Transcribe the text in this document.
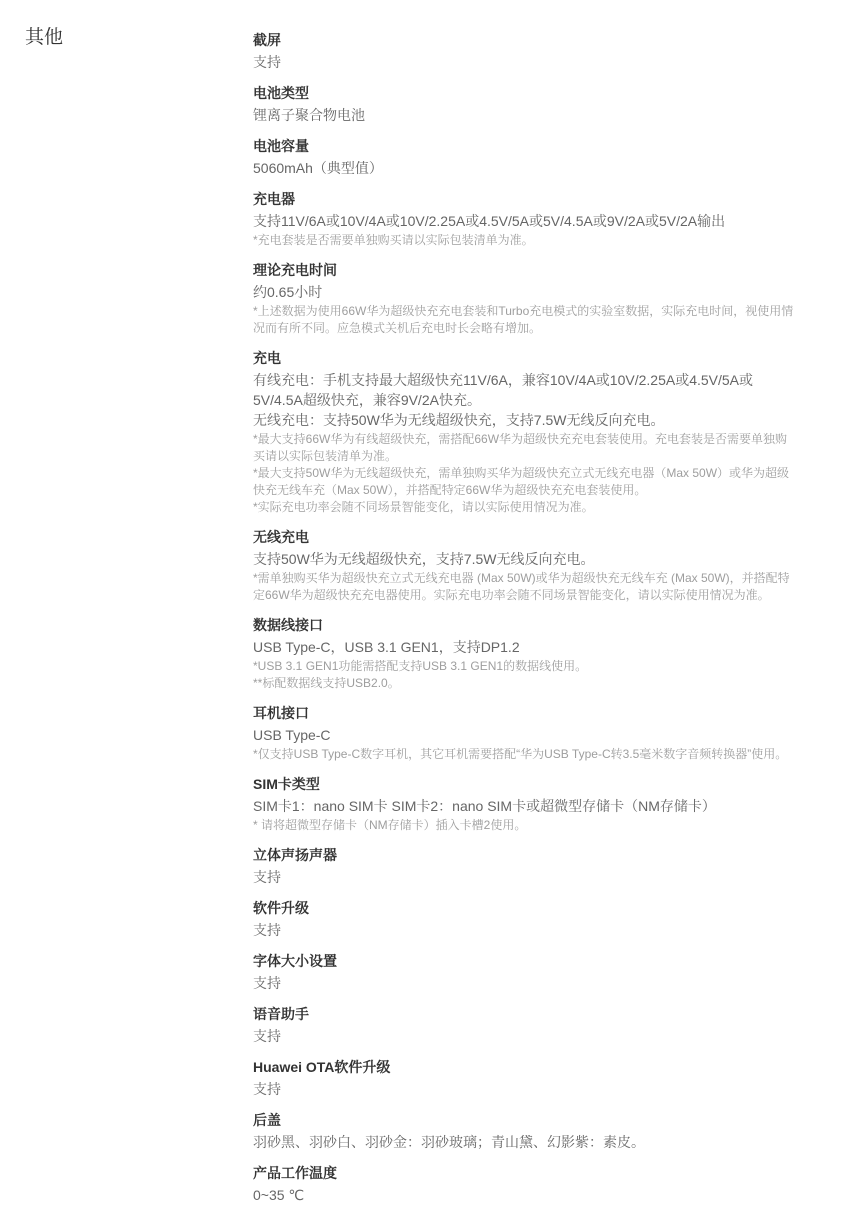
其他	截屏
支持
电池类型
锂离子聚合物电池
电池容量
5060mAh（典型值）
充电器
支持11V/6A或10V/4A或10V/2.25A或4.5V/5A或5V/4.5A或9V/2A或5V/2A输出
*充电套装是否需要单独购买请以实际包装清单为准。
理论充电时间
约0.65小时
*上述数据为使用66W华为超级快充充电套装和Turbo充电模式的实验室数据，实际充电时间，视使用情况而有所不同。应急模式关机后充电时长会略有增加。
充电
有线充电：手机支持最大超级快充11V/6A，兼容10V/4A或10V/2.25A或4.5V/5A或5V/4.5A超级快充，兼容9V/2A快充。
无线充电：支持50W华为无线超级快充，支持7.5W无线反向充电。
*最大支持66W华为有线超级快充，需搭配66W华为超级快充充电套装使用。充电套装是否需要单独购买请以实际包装清单为准。
*最大支持50W华为无线超级快充，需单独购买华为超级快充立式无线充电器（Max 50W）或华为超级快充无线车充（Max 50W），并搭配特定66W华为超级快充充电套装使用。
*实际充电功率会随不同场景智能变化，请以实际使用情况为准。
无线充电
支持50W华为无线超级快充，支持7.5W无线反向充电。
*需单独购买华为超级快充立式无线充电器 (Max 50W)或华为超级快充无线车充 (Max 50W)，并搭配特定66W华为超级快充充电器使用。实际充电功率会随不同场景智能变化，请以实际使用情况为准。
数据线接口
USB Type-C，USB 3.1 GEN1，支持DP1.2
*USB 3.1 GEN1功能需搭配支持USB 3.1 GEN1的数据线使用。
**标配数据线支持USB2.0。
耳机接口
USB Type-C
*仅支持USB Type-C数字耳机，其它耳机需要搭配“华为USB Type-C转3.5毫米数字音频转换器”使用。
SIM卡类型
SIM卡1：nano SIM卡 SIM卡2：nano SIM卡或超微型存储卡（NM存储卡）
* 请将超微型存储卡（NM存储卡）插入卡槽2使用。
立体声扬声器
支持
软件升级
支持
字体大小设置
支持
语音助手
支持
Huawei OTA软件升级
支持
后盖
羽砂黑、羽砂白、羽砂金：羽砂玻璃；青山黛、幻影紫：素皮。
产品工作温度
0~35 ℃
